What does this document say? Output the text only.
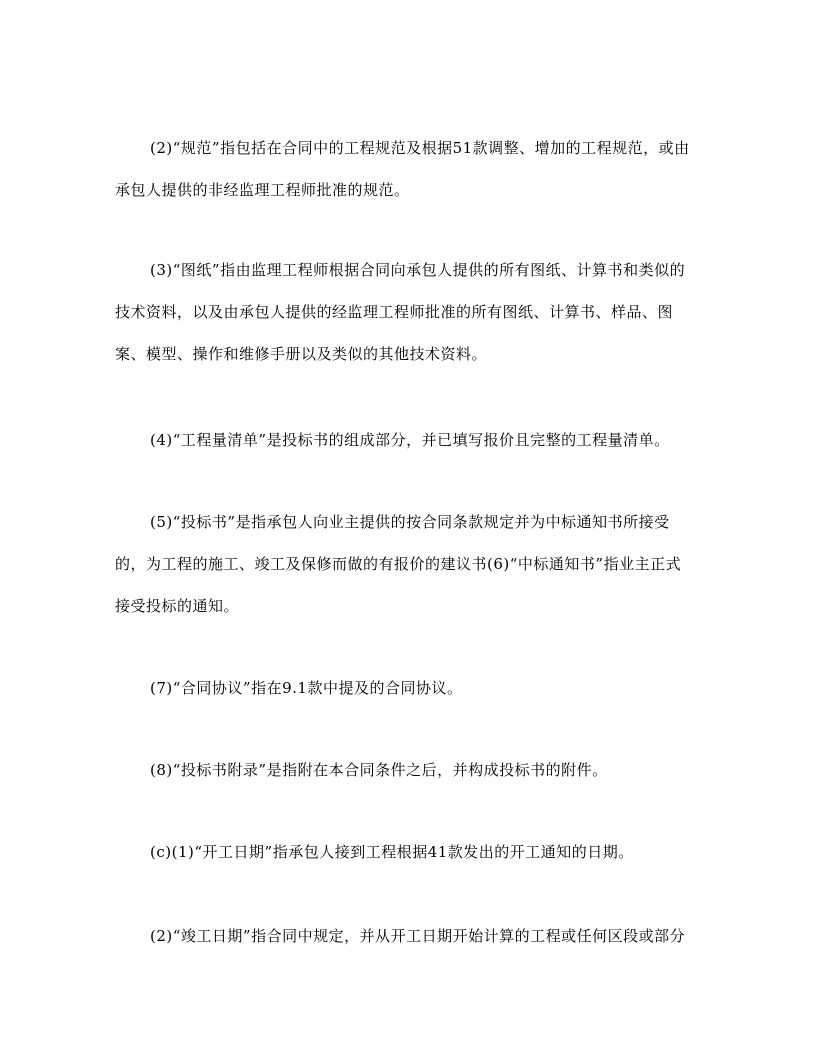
(2)“规范”指包括在合同中的工程规范及根据51款调整、增加的工程规范，或由
承包人提供的非经监理工程师批准的规范。
(3)“图纸”指由监理工程师根据合同向承包人提供的所有图纸、计算书和类似的
技术资料，以及由承包人提供的经监理工程师批准的所有图纸、计算书、样品、图
案、模型、操作和维修手册以及类似的其他技术资料。
(4)“工程量清单”是投标书的组成部分，并已填写报价且完整的工程量清单。
(5)“投标书”是指承包人向业主提供的按合同条款规定并为中标通知书所接受
的，为工程的施工、竣工及保修而做的有报价的建议书(6)“中标通知书”指业主正式
接受投标的通知。
(7)“合同协议”指在9.1款中提及的合同协议。
(8)“投标书附录”是指附在本合同条件之后，并构成投标书的附件。
(c)(1)“开工日期”指承包人接到工程根据41款发出的开工通知的日期。
(2)“竣工日期”指合同中规定，并从开工日期开始计算的工程或任何区段或部分
